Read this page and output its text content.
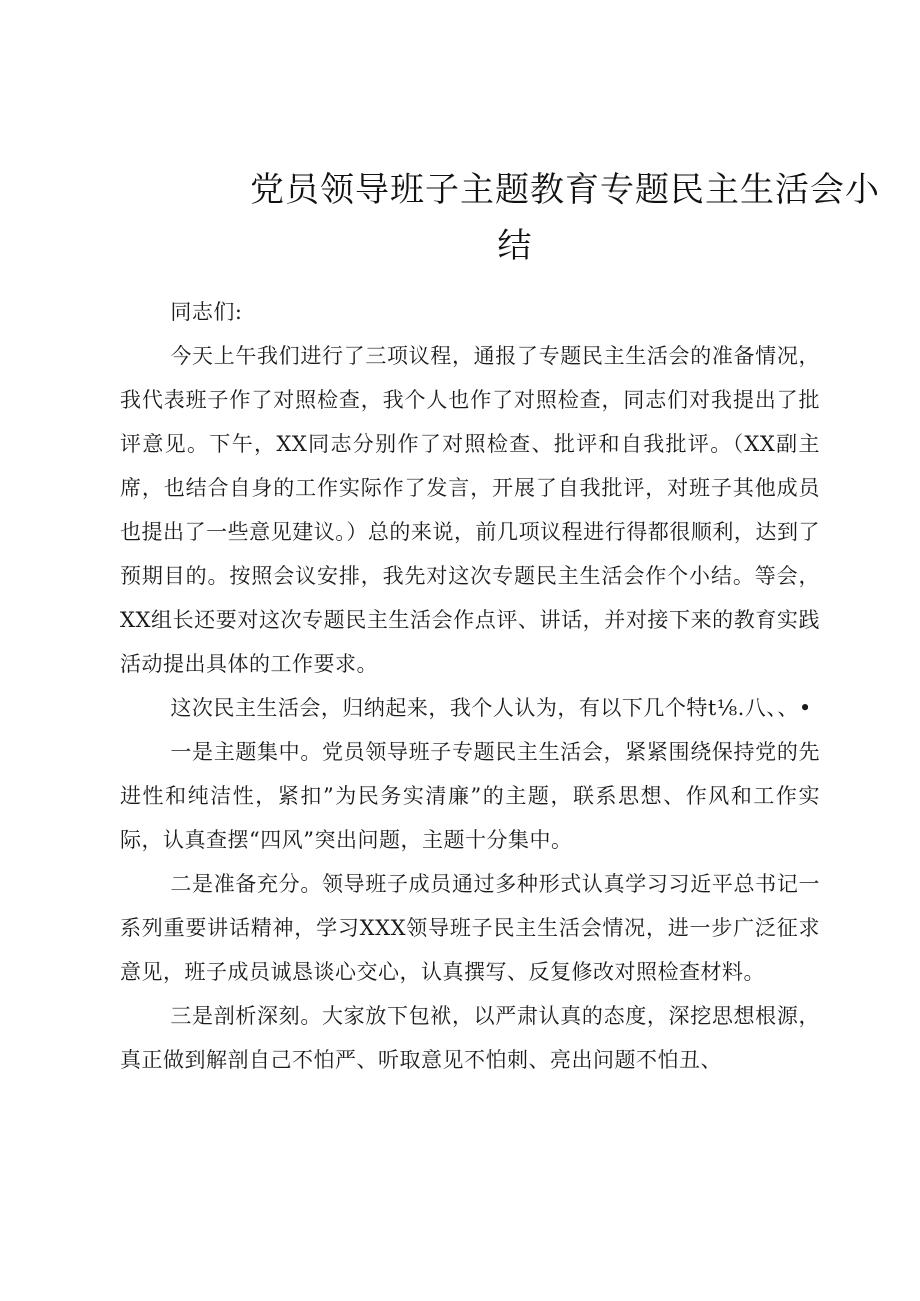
党员领导班子主题教育专题民主生活会小
结

同志们:

今天上午我们进行了三项议程，通报了专题民主生活会的准备情况，我代表班子作了对照检查，我个人也作了对照检查，同志们对我提出了批评意见。下午，XX同志分别作了对照检查、批评和自我批评。（XX副主席，也结合自身的工作实际作了发言，开展了自我批评，对班子其他成员也提出了一些意见建议。）总的来说，前几项议程进行得都很顺利，达到了预期目的。按照会议安排，我先对这次专题民主生活会作个小结。等会，XX组长还要对这次专题民主生活会作点评、讲话，并对接下来的教育实践活动提出具体的工作要求。

这次民主生活会，归纳起来，我个人认为，有以下几个特t⅛.八、、•

一是主题集中。党员领导班子专题民主生活会，紧紧围绕保持党的先进性和纯洁性，紧扣”为民务实清廉”的主题，联系思想、作风和工作实际，认真查摆“四风”突出问题，主题十分集中。

二是准备充分。领导班子成员通过多种形式认真学习习近平总书记一系列重要讲话精神，学习XXX领导班子民主生活会情况，进一步广泛征求意见，班子成员诚恳谈心交心，认真撰写、反复修改对照检查材料。

三是剖析深刻。大家放下包袱，以严肃认真的态度，深挖思想根源，真正做到解剖自己不怕严、听取意见不怕刺、亮出问题不怕丑、
